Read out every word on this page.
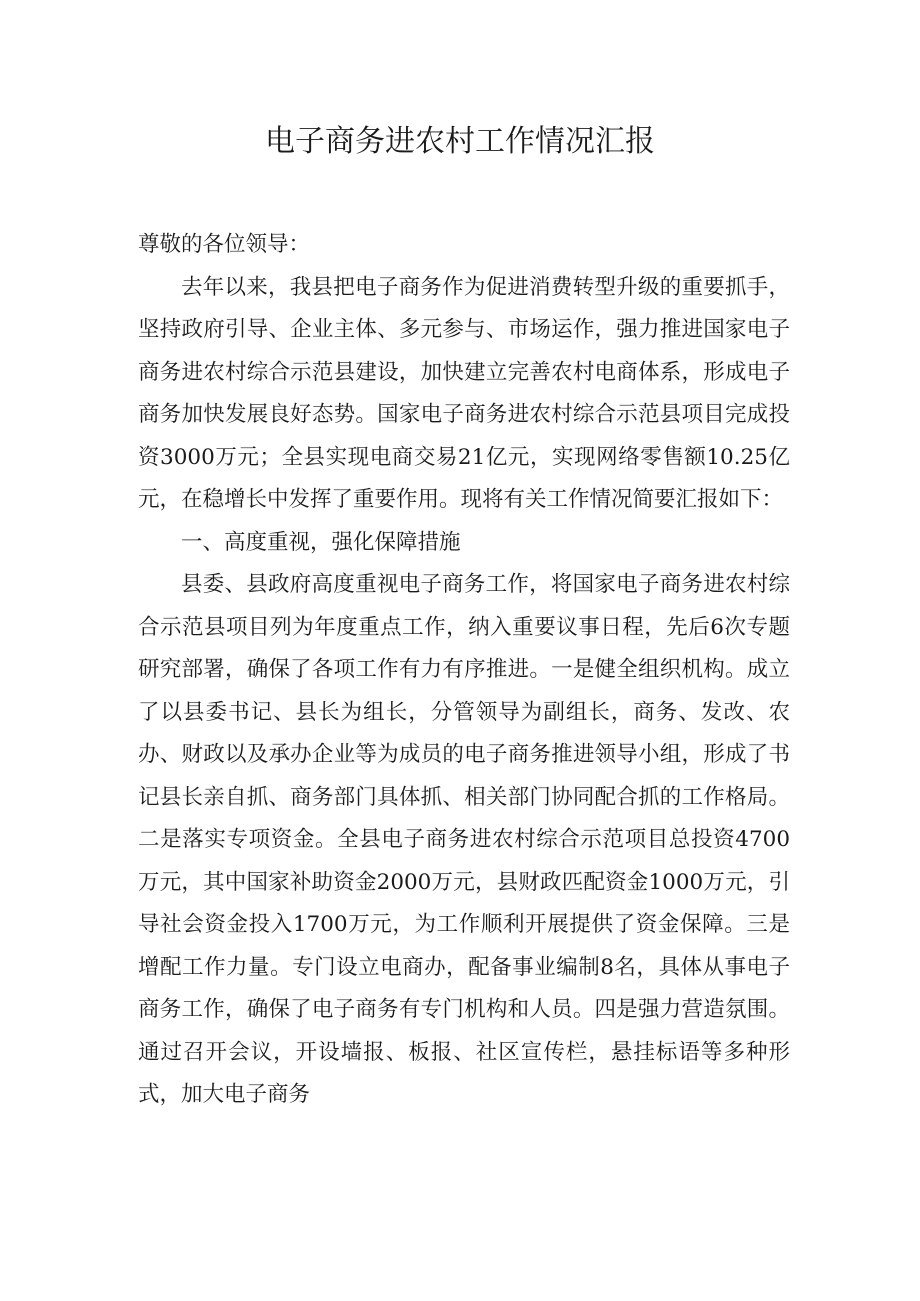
电子商务进农村工作情况汇报

尊敬的各位领导：

去年以来，我县把电子商务作为促进消费转型升级的重要抓手，坚持政府引导、企业主体、多元参与、市场运作，强力推进国家电子商务进农村综合示范县建设，加快建立完善农村电商体系，形成电子商务加快发展良好态势。国家电子商务进农村综合示范县项目完成投资3000万元；全县实现电商交易21亿元，实现网络零售额10.25亿元，在稳增长中发挥了重要作用。现将有关工作情况简要汇报如下：

一、高度重视，强化保障措施

县委、县政府高度重视电子商务工作，将国家电子商务进农村综合示范县项目列为年度重点工作，纳入重要议事日程，先后6次专题研究部署，确保了各项工作有力有序推进。一是健全组织机构。成立了以县委书记、县长为组长，分管领导为副组长，商务、发改、农办、财政以及承办企业等为成员的电子商务推进领导小组，形成了书记县长亲自抓、商务部门具体抓、相关部门协同配合抓的工作格局。二是落实专项资金。全县电子商务进农村综合示范项目总投资4700万元，其中国家补助资金2000万元，县财政匹配资金1000万元，引导社会资金投入1700万元，为工作顺利开展提供了资金保障。三是增配工作力量。专门设立电商办，配备事业编制8名，具体从事电子商务工作，确保了电子商务有专门机构和人员。四是强力营造氛围。通过召开会议，开设墙报、板报、社区宣传栏，悬挂标语等多种形式，加大电子商务
